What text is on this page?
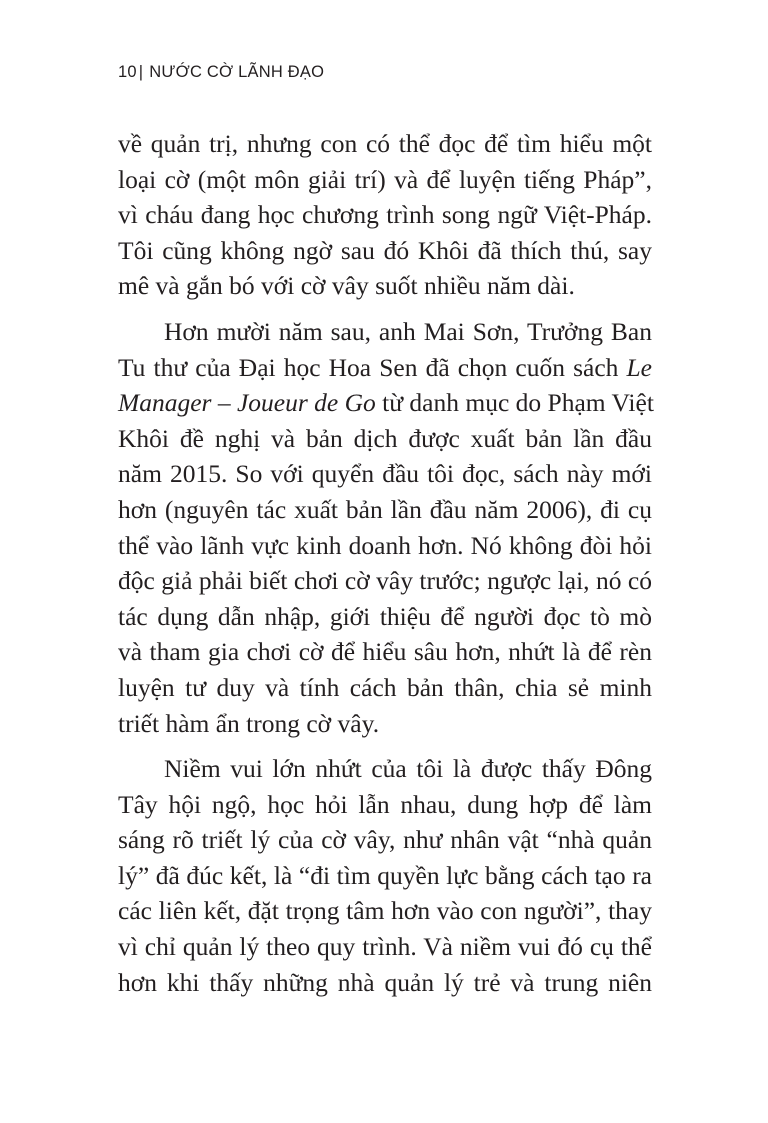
10 | NƯỚC CỜ LÃNH ĐẠO
về quản trị, nhưng con có thể đọc để tìm hiểu một
loại cờ (một môn giải trí) và để luyện tiếng Pháp”,
vì cháu đang học chương trình song ngữ Việt-Pháp.
Tôi cũng không ngờ sau đó Khôi đã thích thú, say
mê và gắn bó với cờ vây suốt nhiều năm dài.
Hơn mười năm sau, anh Mai Sơn, Trưởng Ban
Tu thư của Đại học Hoa Sen đã chọn cuốn sách Le
Manager – Joueur de Go từ danh mục do Phạm Việt
Khôi đề nghị và bản dịch được xuất bản lần đầu
năm 2015. So với quyển đầu tôi đọc, sách này mới
hơn (nguyên tác xuất bản lần đầu năm 2006), đi cụ
thể vào lãnh vực kinh doanh hơn. Nó không đòi hỏi
độc giả phải biết chơi cờ vây trước; ngược lại, nó có
tác dụng dẫn nhập, giới thiệu để người đọc tò mò
và tham gia chơi cờ để hiểu sâu hơn, nhứt là để rèn
luyện tư duy và tính cách bản thân, chia sẻ minh
triết hàm ẩn trong cờ vây.
Niềm vui lớn nhứt của tôi là được thấy Đông
Tây hội ngộ, học hỏi lẫn nhau, dung hợp để làm
sáng rõ triết lý của cờ vây, như nhân vật “nhà quản
lý” đã đúc kết, là “đi tìm quyền lực bằng cách tạo ra
các liên kết, đặt trọng tâm hơn vào con người”, thay
vì chỉ quản lý theo quy trình. Và niềm vui đó cụ thể
hơn khi thấy những nhà quản lý trẻ và trung niên
